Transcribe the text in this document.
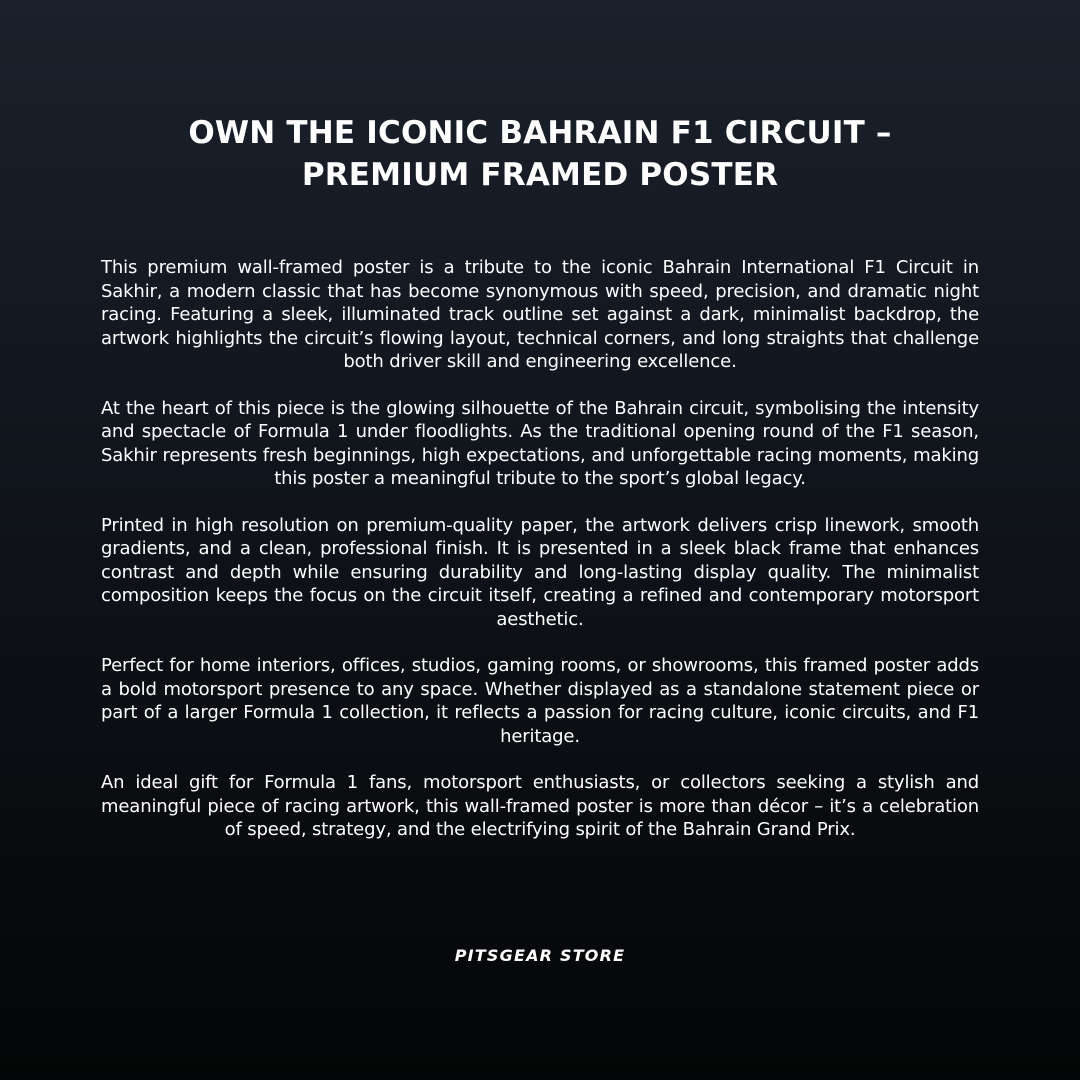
OWN THE ICONIC BAHRAIN F1 CIRCUIT –
PREMIUM FRAMED POSTER

This premium wall-framed poster is a tribute to the iconic Bahrain International F1 Circuit in Sakhir, a modern classic that has become synonymous with speed, precision, and dramatic night racing. Featuring a sleek, illuminated track outline set against a dark, minimalist backdrop, the artwork highlights the circuit’s flowing layout, technical corners, and long straights that challenge both driver skill and engineering excellence.

At the heart of this piece is the glowing silhouette of the Bahrain circuit, symbolising the intensity and spectacle of Formula 1 under floodlights. As the traditional opening round of the F1 season, Sakhir represents fresh beginnings, high expectations, and unforgettable racing moments, making this poster a meaningful tribute to the sport’s global legacy.

Printed in high resolution on premium-quality paper, the artwork delivers crisp linework, smooth gradients, and a clean, professional finish. It is presented in a sleek black frame that enhances contrast and depth while ensuring durability and long-lasting display quality. The minimalist composition keeps the focus on the circuit itself, creating a refined and contemporary motorsport aesthetic.

Perfect for home interiors, offices, studios, gaming rooms, or showrooms, this framed poster adds a bold motorsport presence to any space. Whether displayed as a standalone statement piece or part of a larger Formula 1 collection, it reflects a passion for racing culture, iconic circuits, and F1 heritage.

An ideal gift for Formula 1 fans, motorsport enthusiasts, or collectors seeking a stylish and meaningful piece of racing artwork, this wall-framed poster is more than décor – it’s a celebration of speed, strategy, and the electrifying spirit of the Bahrain Grand Prix.

PITSGEAR STORE
